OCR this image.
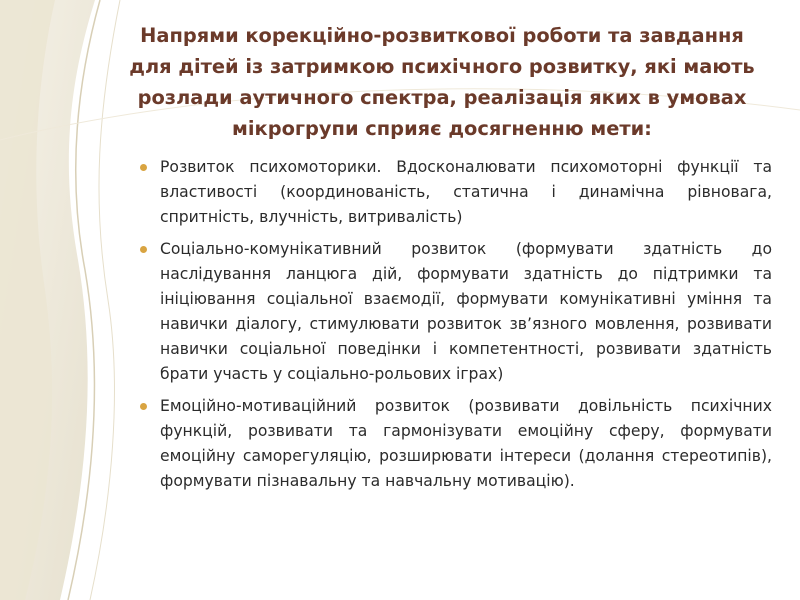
Напрями корекційно-розвиткової роботи та завдання для дітей із затримкою психічного розвитку, які мають розлади аутичного спектра, реалізація яких в умовах мікрогрупи сприяє досягненню мети:
Розвиток психомоторики. Вдосконалювати психомоторні функції та властивості (координованість, статична і динамічна рівновага, спритність, влучність, витривалість)
Соціально-комунікативний розвиток (формувати здатність до наслідування ланцюга дій, формувати здатність до підтримки та ініціювання соціальної взаємодії, формувати комунікативні уміння та навички діалогу, стимулювати розвиток зв’язного мовлення, розвивати навички соціальної поведінки і компетентності, розвивати здатність брати участь у соціально-рольових іграх)
Емоційно-мотиваційний розвиток (розвивати довільність психічних функцій, розвивати та гармонізувати емоційну сферу, формувати емоційну саморегуляцію, розширювати інтереси (долання стереотипів), формувати пізнавальну та навчальну мотивацію).
